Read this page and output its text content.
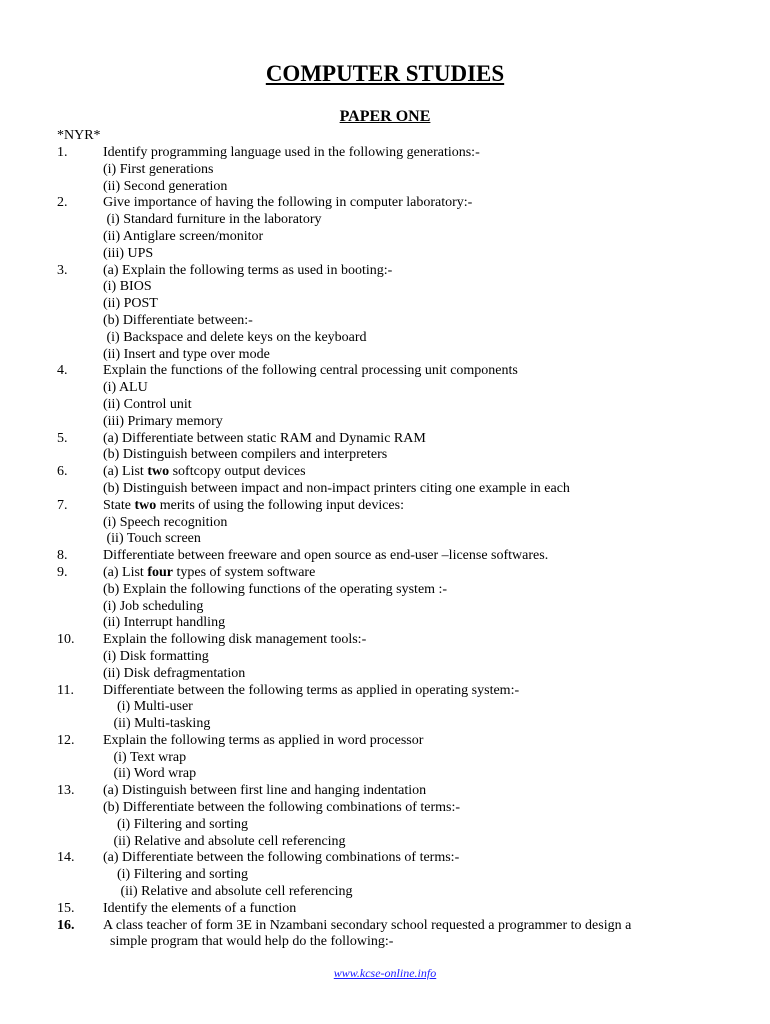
COMPUTER STUDIES
PAPER ONE
*NYR*
1.	Identify programming language used in the following generations:-
(i) First generations
(ii) Second generation
2.	Give importance of having the following in computer laboratory:-
(i) Standard furniture in the laboratory
(ii) Antiglare screen/monitor
(iii) UPS
3.	(a) Explain the following terms as used in booting:-
(i) BIOS
(ii) POST
(b) Differentiate between:-
(i) Backspace and delete keys on the keyboard
(ii) Insert and type over mode
4.	Explain the functions of the following central processing unit components
(i) ALU
(ii) Control unit
(iii) Primary memory
5.	(a) Differentiate between static RAM and Dynamic RAM
(b) Distinguish between compilers and interpreters
6.	(a) List two softcopy output devices
(b) Distinguish between impact and non-impact printers citing one example in each
7.	State two merits of using the following input devices:
(i) Speech recognition
(ii) Touch screen
8.	Differentiate between freeware and open source as end-user –license softwares.
9.	(a) List four types of system software
(b) Explain the following functions of the operating system :-
(i) Job scheduling
(ii) Interrupt handling
10.	Explain the following disk management tools:-
(i) Disk formatting
(ii) Disk defragmentation
11.	Differentiate between the following terms as applied in operating system:-
(i) Multi-user
(ii) Multi-tasking
12.	Explain the following terms as applied in word processor
(i) Text wrap
(ii) Word wrap
13.	(a) Distinguish between first line and hanging indentation
(b) Differentiate between the following combinations of terms:-
(i) Filtering and sorting
(ii) Relative and absolute cell referencing
14.	(a) Differentiate between the following combinations of terms:-
(i) Filtering and sorting
(ii) Relative and absolute cell referencing
15.	Identify the elements of a function
16.	A class teacher of form 3E in Nzambani secondary school requested a programmer to design a
simple program that would help do the following:-
www.kcse-online.info
